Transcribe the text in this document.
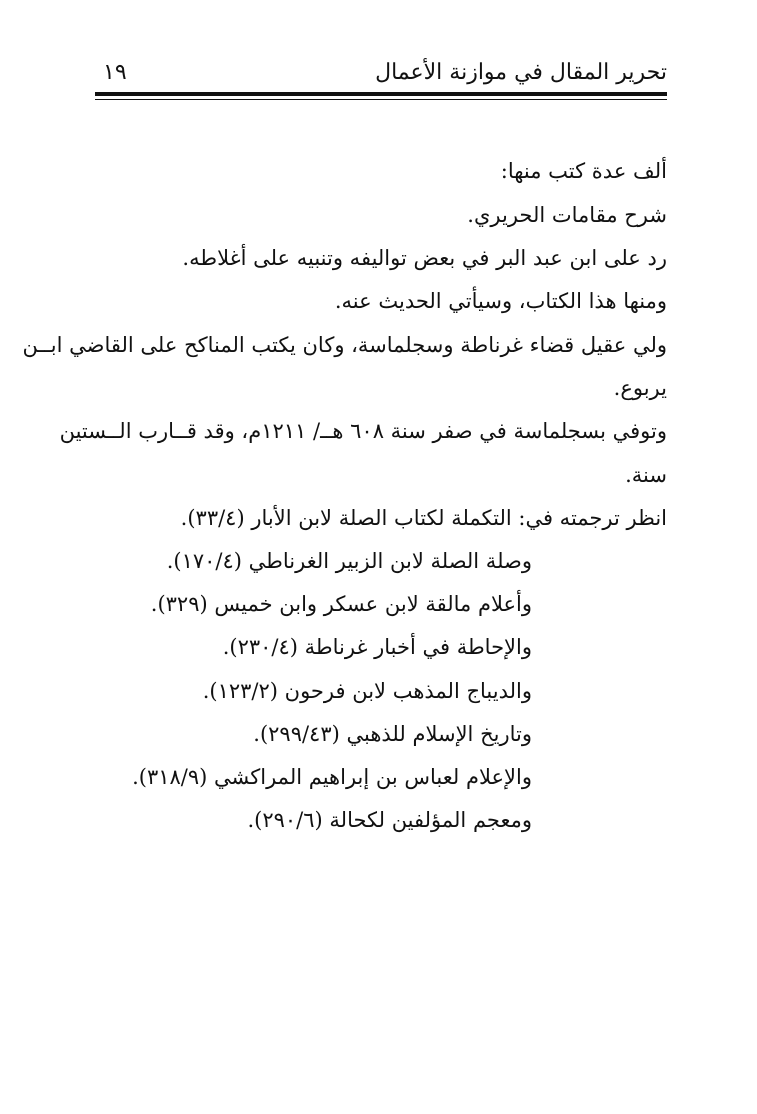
تحرير المقال في موازنة الأعمال
١٩
ألف عدة كتب منها:
شرح مقامات الحريري.
رد على ابن عبد البر في بعض تواليفه وتنبيه على أغلاطه.
ومنها هذا الكتاب، وسيأتي الحديث عنه.
ولي عقيل قضاء غرناطة وسجلماسة، وكان يكتب المناكح على القاضي ابــن
يربوع.
وتوفي بسجلماسة في صفر سنة ٦٠٨ هــ/ ١٢١١م، وقد قــارب الــستين
سنة.
انظر ترجمته في: التكملة لكتاب الصلة لابن الأبار (٣٣/٤).
وصلة الصلة لابن الزبير الغرناطي (١٧٠/٤).
وأعلام مالقة لابن عسكر وابن خميس (٣٢٩).
والإحاطة في أخبار غرناطة (٢٣٠/٤).
والديباج المذهب لابن فرحون (١٢٣/٢).
وتاريخ الإسلام للذهبي (٢٩٩/٤٣).
والإعلام لعباس بن إبراهيم المراكشي (٣١٨/٩).
ومعجم المؤلفين لكحالة (٢٩٠/٦).
